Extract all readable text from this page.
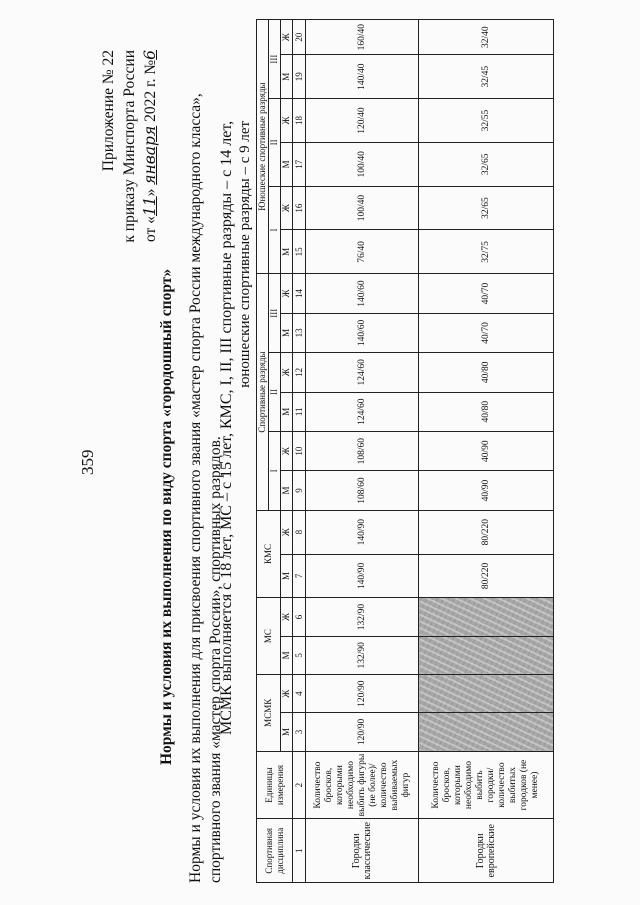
359
Приложение № 22 к приказу Минспорта России от «11» января 2022 г. №6
Нормы и условия их выполнения по виду спорта «городошный спорт» Нормы и условия их выполнения для присвоения спортивного звания «мастер спорта России международного класса», спортивного звания «мастер спорта России», спортивных разрядов.
МСМК выполняется с 18 лет, МС – с 15 лет, КМС, I, II, III спортивные разряды – с 14 лет, юношеские спортивные разряды – с 9 лет
Спортивная дисциплина	Единицы измерения	МСМК		МС		КМС		Спортивные разряды						Юношеские спортивные разряды					
								I		II		III		I		II		III	
		М	Ж	М	Ж	М	Ж	М	Ж	М	Ж	М	Ж	М	Ж	М	Ж	М	Ж
1	2	3	4	5	6	7	8	9	10	11	12	13	14	15	16	17	18	19	20
Городки классические	Количество бросков, которыми необходимо выбить фигуры (не более)/ количество выбиваемых фигур	120/90	120/90	132/90	132/90	140/90	140/90	108/60	108/60	124/60	124/60	140/60	140/60	76/40	100/40	100/40	120/40	140/40	160/40
Городки европейские	Количество бросков, которыми необходимо выбить городки/ количество выбитых городков (не менее)					80/220	80/220	40/90	40/90	40/80	40/80	40/70	40/70	32/75	32/65	32/65	32/55	32/45	32/40
